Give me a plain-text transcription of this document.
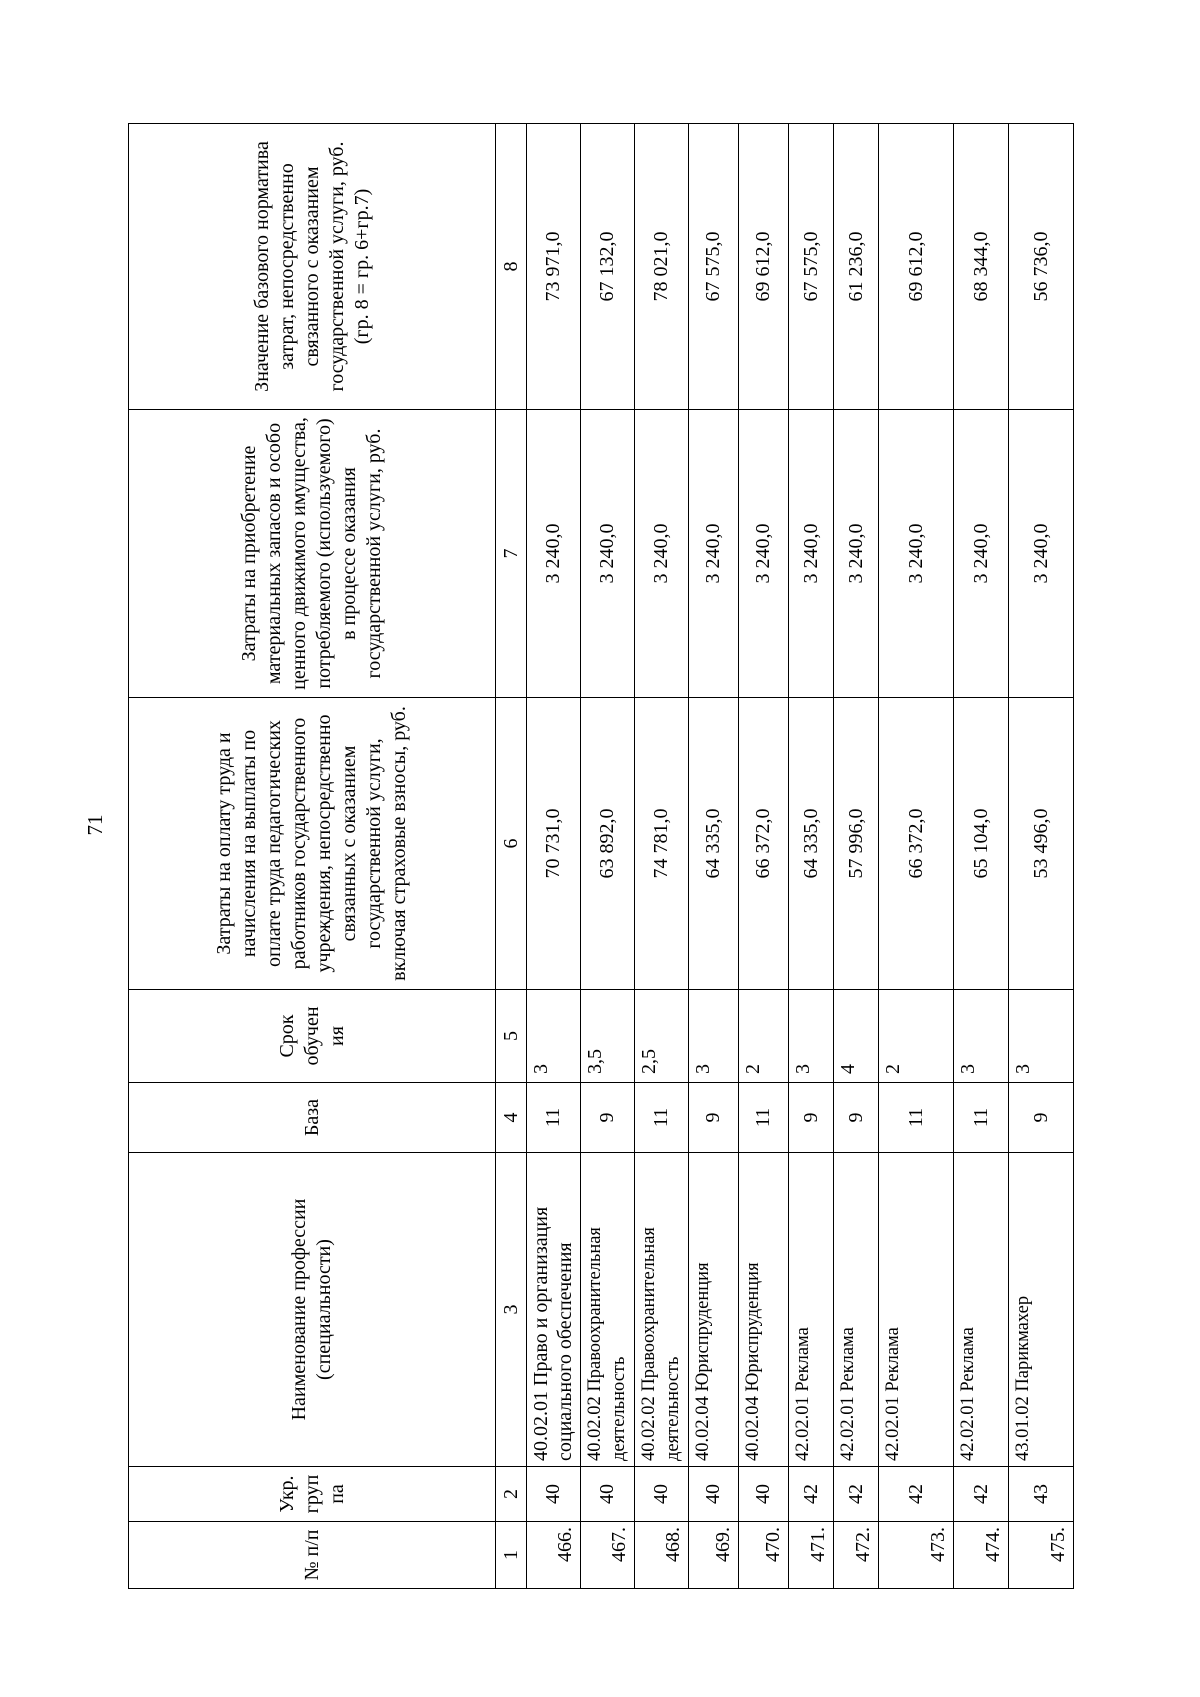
71
№ п/п	Укр. груп па	Наименование профессии (специальности)	База	Срок обучен ия	Затраты на оплату труда и начисления на выплаты по оплате труда педагогических работников государственного учреждения, непосредственно связанных с оказанием государственной услуги, включая страховые взносы, руб.	Затраты на приобретение материальных запасов и особо ценного движимого имущества, потребляемого (используемого) в процессе оказания государственной услуги, руб.	Значение базового норматива затрат, непосредственно связанного с оказанием государственной услуги, руб. (гр. 8 = гр. 6+гр.7)
1	2	3	4	5	6	7	8
466.	40	40.02.01 Право и организация социального обеспечения	11	3	70 731,0	3 240,0	73 971,0
467.	40	40.02.02 Правоохранительная деятельность	9	3,5	63 892,0	3 240,0	67 132,0
468.	40	40.02.02 Правоохранительная деятельность	11	2,5	74 781,0	3 240,0	78 021,0
469.	40	40.02.04 Юриспруденция	9	3	64 335,0	3 240,0	67 575,0
470.	40	40.02.04 Юриспруденция	11	2	66 372,0	3 240,0	69 612,0
471.	42	42.02.01 Реклама	9	3	64 335,0	3 240,0	67 575,0
472.	42	42.02.01 Реклама	9	4	57 996,0	3 240,0	61 236,0
473.	42	42.02.01 Реклама	11	2	66 372,0	3 240,0	69 612,0
474.	42	42.02.01 Реклама	11	3	65 104,0	3 240,0	68 344,0
475.	43	43.01.02 Парикмахер	9	3	53 496,0	3 240,0	56 736,0
